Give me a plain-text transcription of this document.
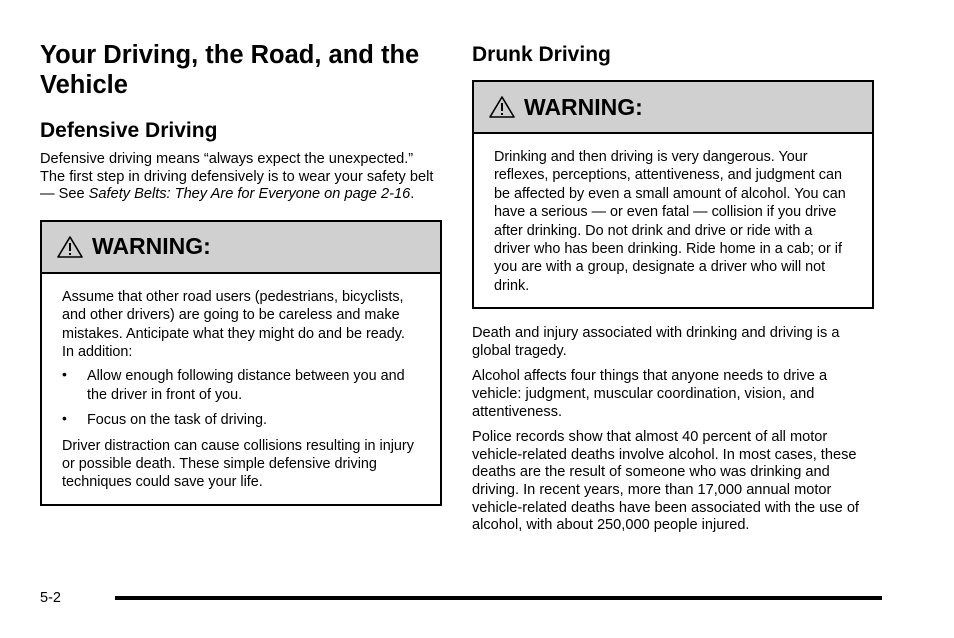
Your Driving, the Road, and the Vehicle
Defensive Driving

Defensive driving means “always expect the unexpected.” The first step in driving defensively is to wear your safety belt — See Safety Belts: They Are for Everyone on page 2-16.

WARNING:

Assume that other road users (pedestrians, bicyclists, and other drivers) are going to be careless and make mistakes. Anticipate what they might do and be ready. In addition:

• Allow enough following distance between you and the driver in front of you.
• Focus on the task of driving.

Driver distraction can cause collisions resulting in injury or possible death. These simple defensive driving techniques could save your life.

Drunk Driving
WARNING:

Drinking and then driving is very dangerous. Your reflexes, perceptions, attentiveness, and judgment can be affected by even a small amount of alcohol. You can have a serious — or even fatal — collision if you drive after drinking. Do not drink and drive or ride with a driver who has been drinking. Ride home in a cab; or if you are with a group, designate a driver who will not drink.

Death and injury associated with drinking and driving is a global tragedy.

Alcohol affects four things that anyone needs to drive a vehicle: judgment, muscular coordination, vision, and attentiveness.

Police records show that almost 40 percent of all motor vehicle-related deaths involve alcohol. In most cases, these deaths are the result of someone who was drinking and driving. In recent years, more than 17,000 annual motor vehicle-related deaths have been associated with the use of alcohol, with about 250,000 people injured.

5-2
